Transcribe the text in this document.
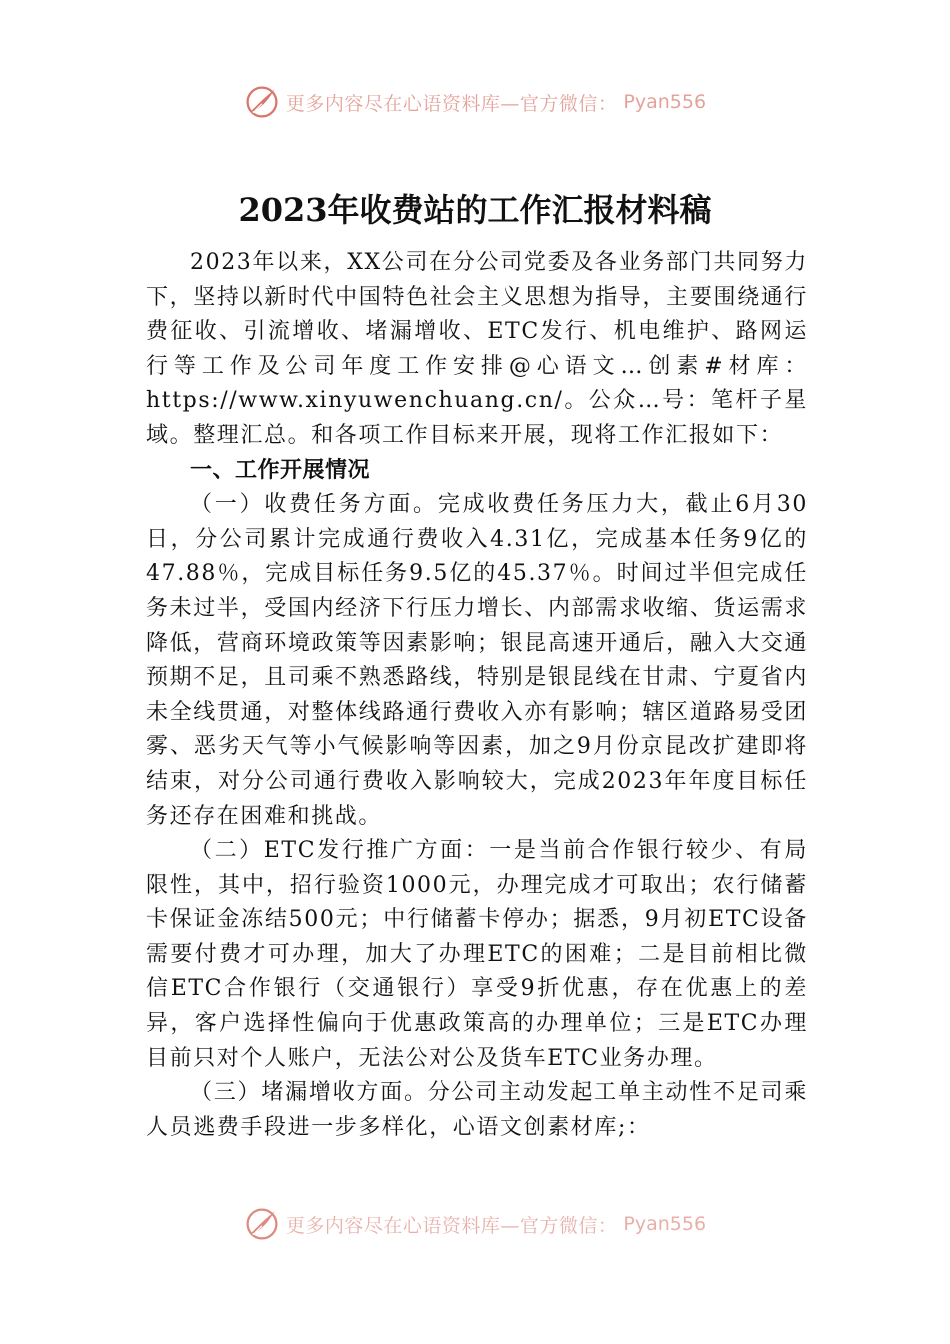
更多内容尽在心语资料库—官方微信： Pyan556
2023年收费站的工作汇报材料稿

2023年以来，XX公司在分公司党委及各业务部门共同努力下，坚持以新时代中国特色社会主义思想为指导，主要围绕通行费征收、引流增收、堵漏增收、ETC发行、机电维护、路网运行等工作及公司年度工作安排@心语文…创素#材库：https://www.xinyuwenchuang.cn/。公众…号：笔杆子星域。整理汇总。和各项工作目标来开展，现将工作汇报如下：

一、工作开展情况

（一）收费任务方面。完成收费任务压力大，截止6月30日，分公司累计完成通行费收入4.31亿，完成基本任务9亿的47.88％，完成目标任务9.5亿的45.37％。时间过半但完成任务未过半，受国内经济下行压力增长、内部需求收缩、货运需求降低，营商环境政策等因素影响；银昆高速开通后，融入大交通预期不足，且司乘不熟悉路线，特别是银昆线在甘肃、宁夏省内未全线贯通，对整体线路通行费收入亦有影响；辖区道路易受团雾、恶劣天气等小气候影响等因素，加之9月份京昆改扩建即将结束，对分公司通行费收入影响较大，完成2023年年度目标任务还存在困难和挑战。

（二）ETC发行推广方面：一是当前合作银行较少、有局限性，其中，招行验资1000元，办理完成才可取出；农行储蓄卡保证金冻结500元；中行储蓄卡停办；据悉，9月初ETC设备需要付费才可办理，加大了办理ETC的困难；二是目前相比微信ETC合作银行（交通银行）享受9折优惠，存在优惠上的差异，客户选择性偏向于优惠政策高的办理单位；三是ETC办理目前只对个人账户，无法公对公及货车ETC业务办理。

（三）堵漏增收方面。分公司主动发起工单主动性不足司乘人员逃费手段进一步多样化，心语文创素材库;：

更多内容尽在心语资料库—官方微信： Pyan556
